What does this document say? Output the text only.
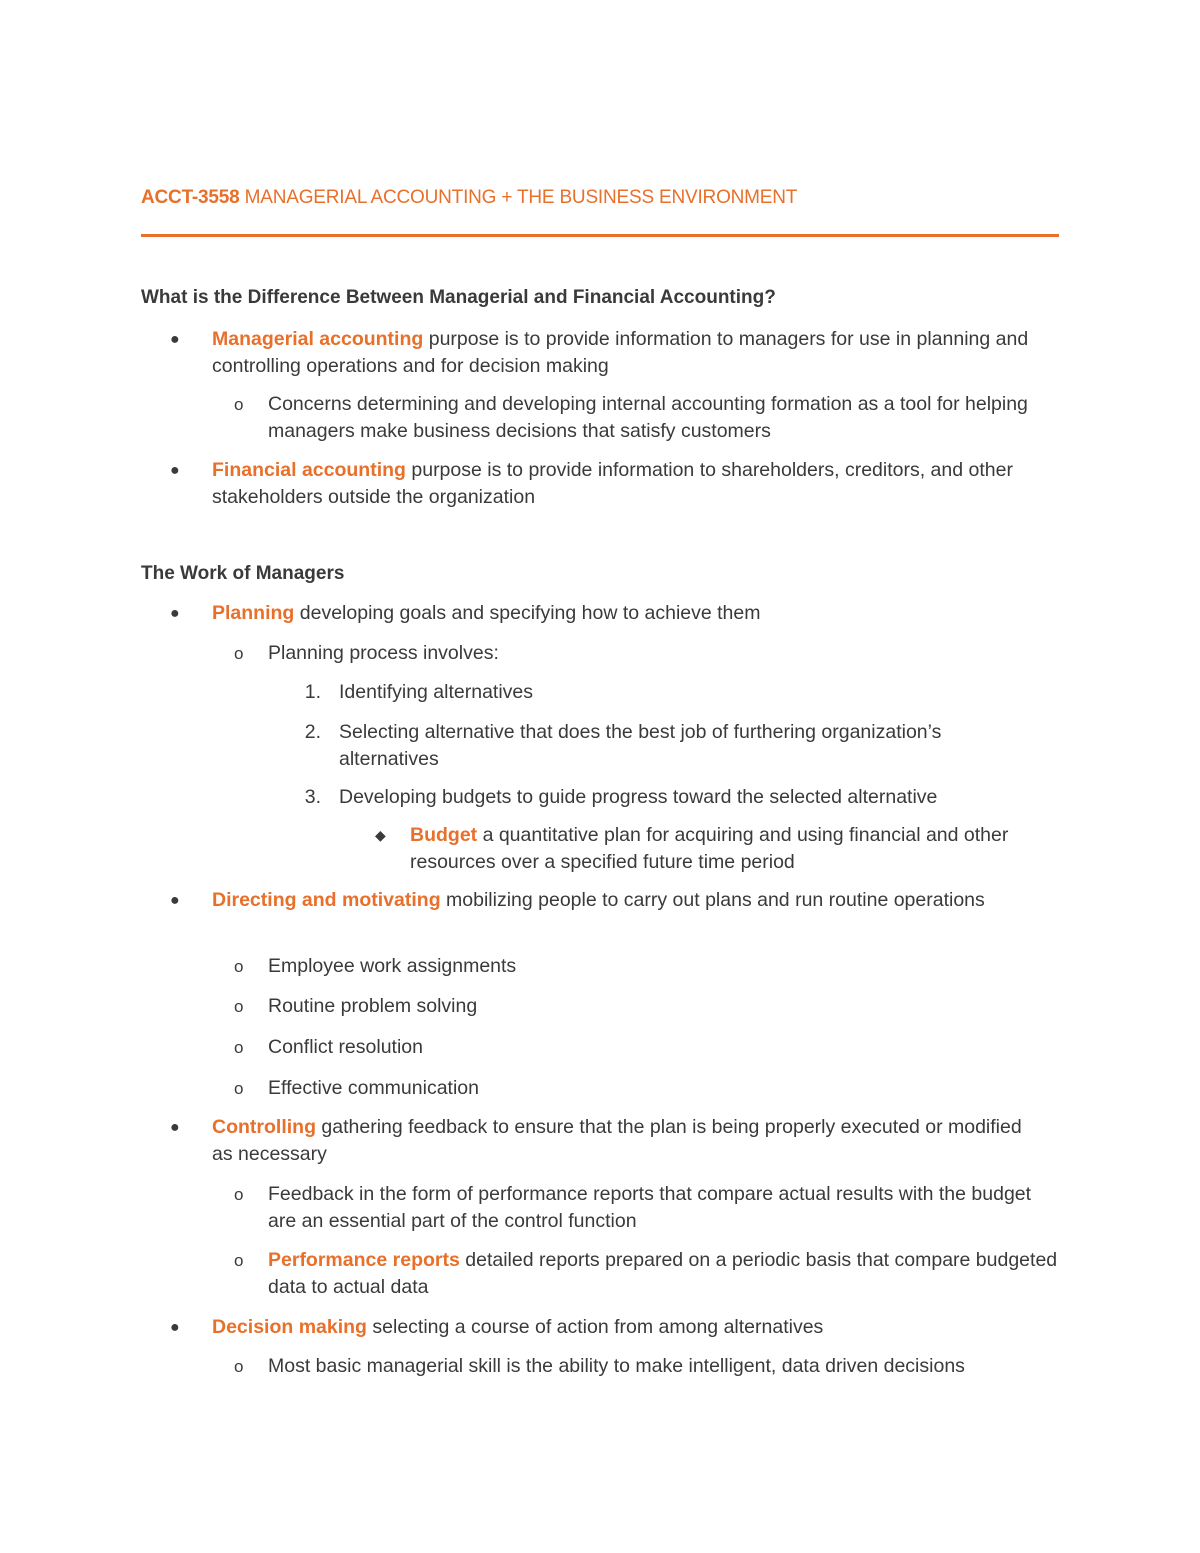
ACCT-3558 MANAGERIAL ACCOUNTING + THE BUSINESS ENVIRONMENT
What is the Difference Between Managerial and Financial Accounting?
● Managerial accounting purpose is to provide information to managers for use in planning and controlling operations and for decision making
o Concerns determining and developing internal accounting formation as a tool for helping managers make business decisions that satisfy customers
● Financial accounting purpose is to provide information to shareholders, creditors, and other stakeholders outside the organization
The Work of Managers
● Planning developing goals and specifying how to achieve them
o Planning process involves:
1. Identifying alternatives
2. Selecting alternative that does the best job of furthering organization’s alternatives
3. Developing budgets to guide progress toward the selected alternative
◆ Budget a quantitative plan for acquiring and using financial and other resources over a specified future time period
● Directing and motivating mobilizing people to carry out plans and run routine operations
o Employee work assignments
o Routine problem solving
o Conflict resolution
o Effective communication
● Controlling gathering feedback to ensure that the plan is being properly executed or modified as necessary
o Feedback in the form of performance reports that compare actual results with the budget are an essential part of the control function
o Performance reports detailed reports prepared on a periodic basis that compare budgeted data to actual data
● Decision making selecting a course of action from among alternatives
o Most basic managerial skill is the ability to make intelligent, data driven decisions
